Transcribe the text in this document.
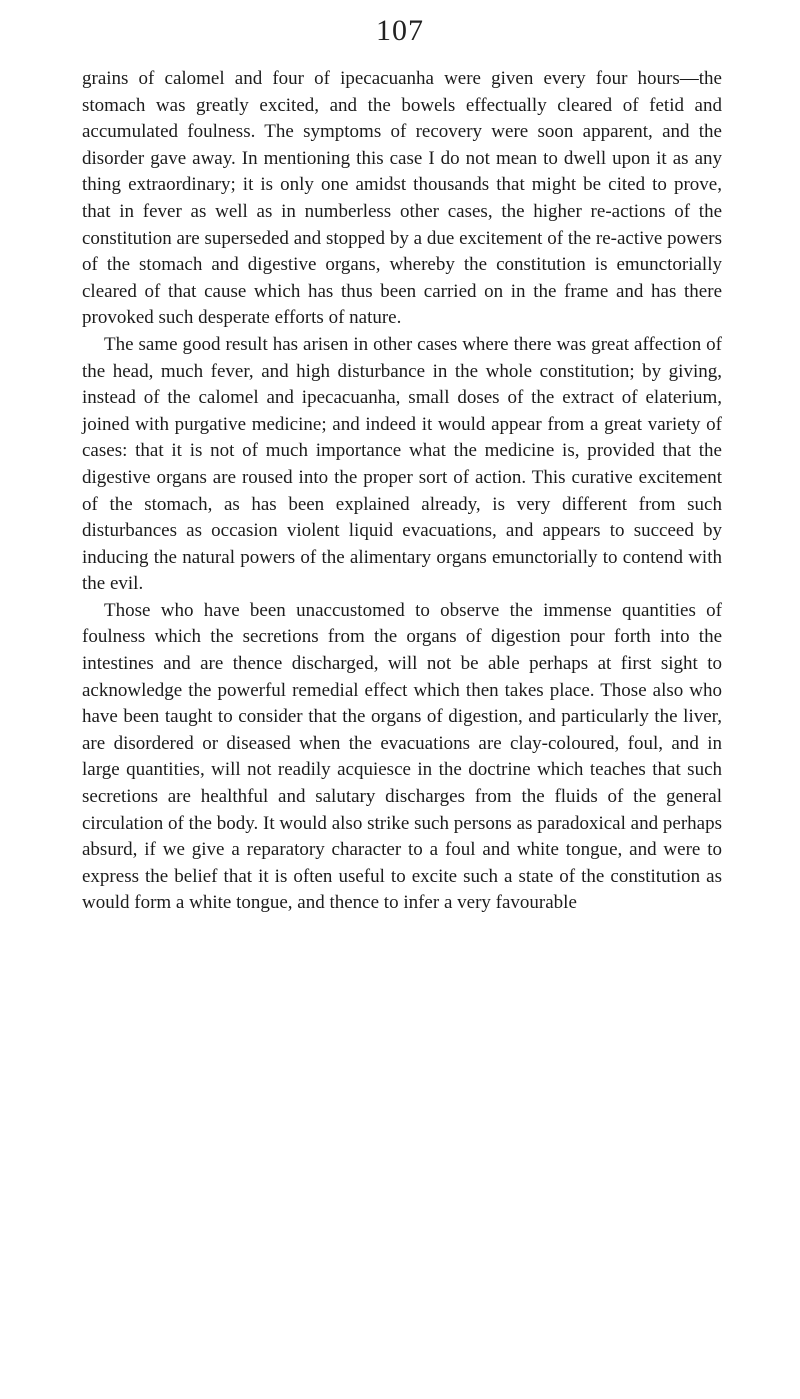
107

grains of calomel and four of ipecacuanha were given every four hours—the stomach was greatly excited, and the bowels effectually cleared of fetid and accumulated foulness. The symptoms of recovery were soon apparent, and the disorder gave away. In mentioning this case I do not mean to dwell upon it as any thing extraordinary; it is only one amidst thousands that might be cited to prove, that in fever as well as in numberless other cases, the higher re-actions of the constitution are superseded and stopped by a due excitement of the re-active powers of the stomach and digestive organs, whereby the constitution is emunctorially cleared of that cause which has thus been carried on in the frame and has there provoked such desperate efforts of nature.

The same good result has arisen in other cases where there was great affection of the head, much fever, and high disturbance in the whole constitution; by giving, instead of the calomel and ipecacuanha, small doses of the extract of elaterium, joined with purgative medicine; and indeed it would appear from a great variety of cases: that it is not of much importance what the medicine is, provided that the digestive organs are roused into the proper sort of action. This curative excitement of the stomach, as has been explained already, is very different from such disturbances as occasion violent liquid evacuations, and appears to succeed by inducing the natural powers of the alimentary organs emunctorially to contend with the evil.

Those who have been unaccustomed to observe the immense quantities of foulness which the secretions from the organs of digestion pour forth into the intestines and are thence discharged, will not be able perhaps at first sight to acknowledge the powerful remedial effect which then takes place. Those also who have been taught to consider that the organs of digestion, and particularly the liver, are disordered or diseased when the evacuations are clay-coloured, foul, and in large quantities, will not readily acquiesce in the doctrine which teaches that such secretions are healthful and salutary discharges from the fluids of the general circulation of the body. It would also strike such persons as paradoxical and perhaps absurd, if we give a reparatory character to a foul and white tongue, and were to express the belief that it is often useful to excite such a state of the constitution as would form a white tongue, and thence to infer a very favourable
